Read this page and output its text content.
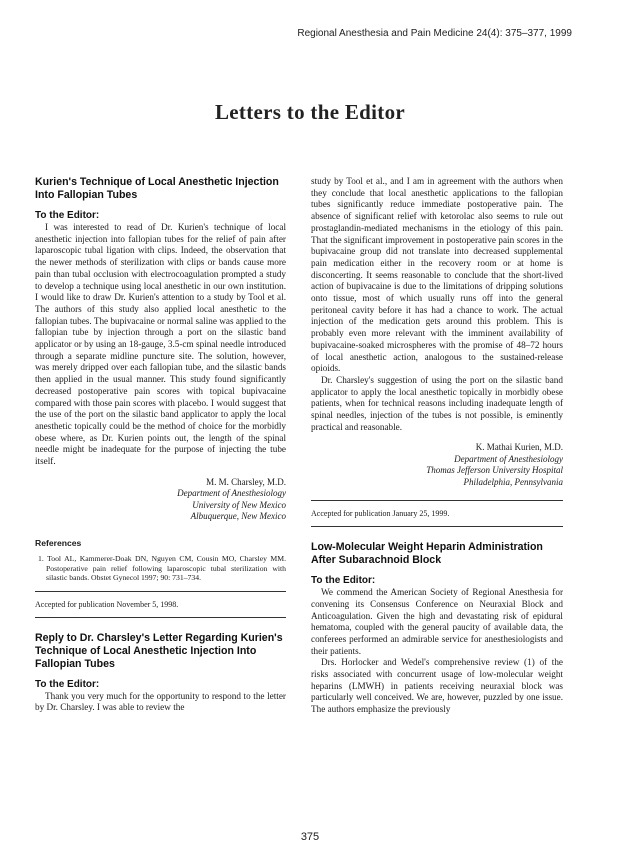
Regional Anesthesia and Pain Medicine 24(4): 375–377, 1999
Letters to the Editor
Kurien's Technique of Local Anesthetic Injection Into Fallopian Tubes
To the Editor:

I was interested to read of Dr. Kurien's technique of local anesthetic injection into fallopian tubes for the relief of pain after laparoscopic tubal ligation with clips. Indeed, the observation that the newer methods of sterilization with clips or bands cause more pain than tubal occlusion with electrocoagulation prompted a study to develop a technique using local anesthetic in our own institution. I would like to draw Dr. Kurien's attention to a study by Tool et al. The authors of this study also applied local anesthetic to the fallopian tubes. The bupivacaine or normal saline was applied to the fallopian tube by injection through a port on the silastic band applicator or by using an 18-gauge, 3.5-cm spinal needle introduced through a separate midline puncture site. The solution, however, was merely dripped over each fallopian tube, and the silastic bands then applied in the usual manner. This study found significantly decreased postoperative pain scores with topical bupivacaine compared with those pain scores with placebo. I would suggest that the use of the port on the silastic band applicator to apply the local anesthetic topically could be the method of choice for the morbidly obese where, as Dr. Kurien points out, the length of the spinal needle might be inadequate for the purpose of injecting the tube itself.

M. M. Charsley, M.D.
Department of Anesthesiology
University of New Mexico
Albuquerque, New Mexico
References

1. Tool AL, Kammerer-Doak DN, Nguyen CM, Cousin MO, Charsley MM. Postoperative pain relief following laparoscopic tubal sterilization with silastic bands. Obstet Gynecol 1997; 90: 731–734.

Accepted for publication November 5, 1998.
Reply to Dr. Charsley's Letter Regarding Kurien's Technique of Local Anesthetic Injection Into Fallopian Tubes
To the Editor:

Thank you very much for the opportunity to respond to the letter by Dr. Charsley. I was able to review the

study by Tool et al., and I am in agreement with the authors when they conclude that local anesthetic applications to the fallopian tubes significantly reduce immediate postoperative pain. The absence of significant relief with ketorolac also seems to rule out prostaglandin-mediated mechanisms in the etiology of this pain. That the significant improvement in postoperative pain scores in the bupivacaine group did not translate into decreased supplemental pain medication either in the recovery room or at home is disconcerting. It seems reasonable to conclude that the short-lived action of bupivacaine is due to the limitations of dripping solutions onto tissue, most of which usually runs off into the general peritoneal cavity before it has had a chance to work. The actual injection of the medication gets around this problem. This is probably even more relevant with the imminent availability of bupivacaine-soaked microspheres with the promise of 48–72 hours of local anesthetic action, analogous to the sustained-release opioids.

Dr. Charsley's suggestion of using the port on the silastic band applicator to apply the local anesthetic topically in morbidly obese patients, when for technical reasons including inadequate length of spinal needles, injection of the tubes is not possible, is eminently practical and reasonable.

K. Mathai Kurien, M.D.
Department of Anesthesiology
Thomas Jefferson University Hospital
Philadelphia, Pennsylvania
Accepted for publication January 25, 1999.
Low-Molecular Weight Heparin Administration After Subarachnoid Block
To the Editor:

We commend the American Society of Regional Anesthesia for convening its Consensus Conference on Neuraxial Block and Anticoagulation. Given the high and devastating risk of epidural hematoma, coupled with the general paucity of available data, the conferees performed an admirable service for anesthesiologists and their patients.

Drs. Horlocker and Wedel's comprehensive review (1) of the risks associated with concurrent usage of low-molecular weight heparins (LMWH) in patients receiving neuraxial block was particularly well conceived. We are, however, puzzled by one issue. The authors emphasize the previously

375
